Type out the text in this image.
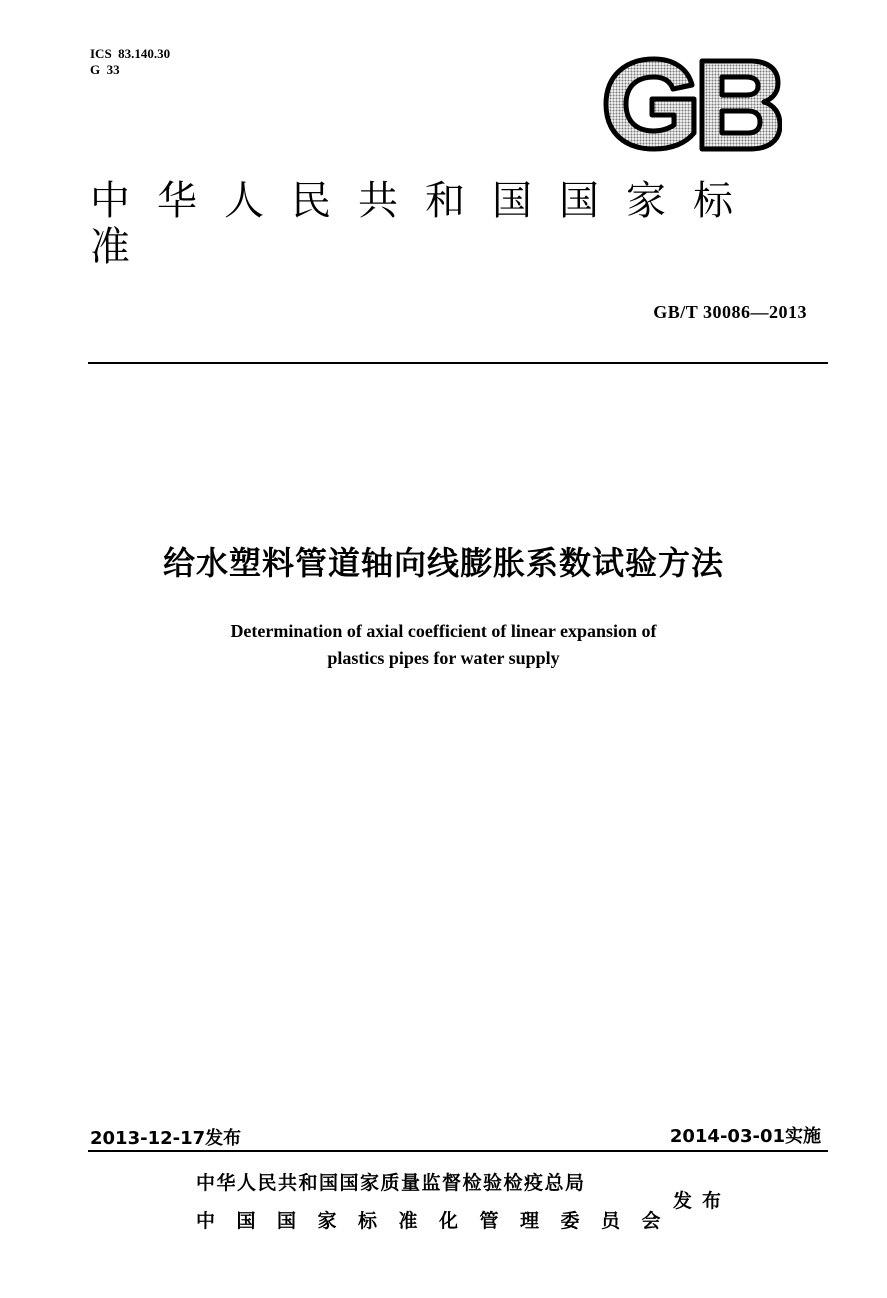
ICS  83.140.30
G  33
中华人民共和国国家标准
GB/T 30086—2013
给水塑料管道轴向线膨胀系数试验方法
Determination of axial coefficient of linear expansion of
plastics pipes for water supply
2013-12-17发布	2014-03-01实施
中华人民共和国国家质量监督检验检疫总局
中国国家标准化管理委员会
发布
